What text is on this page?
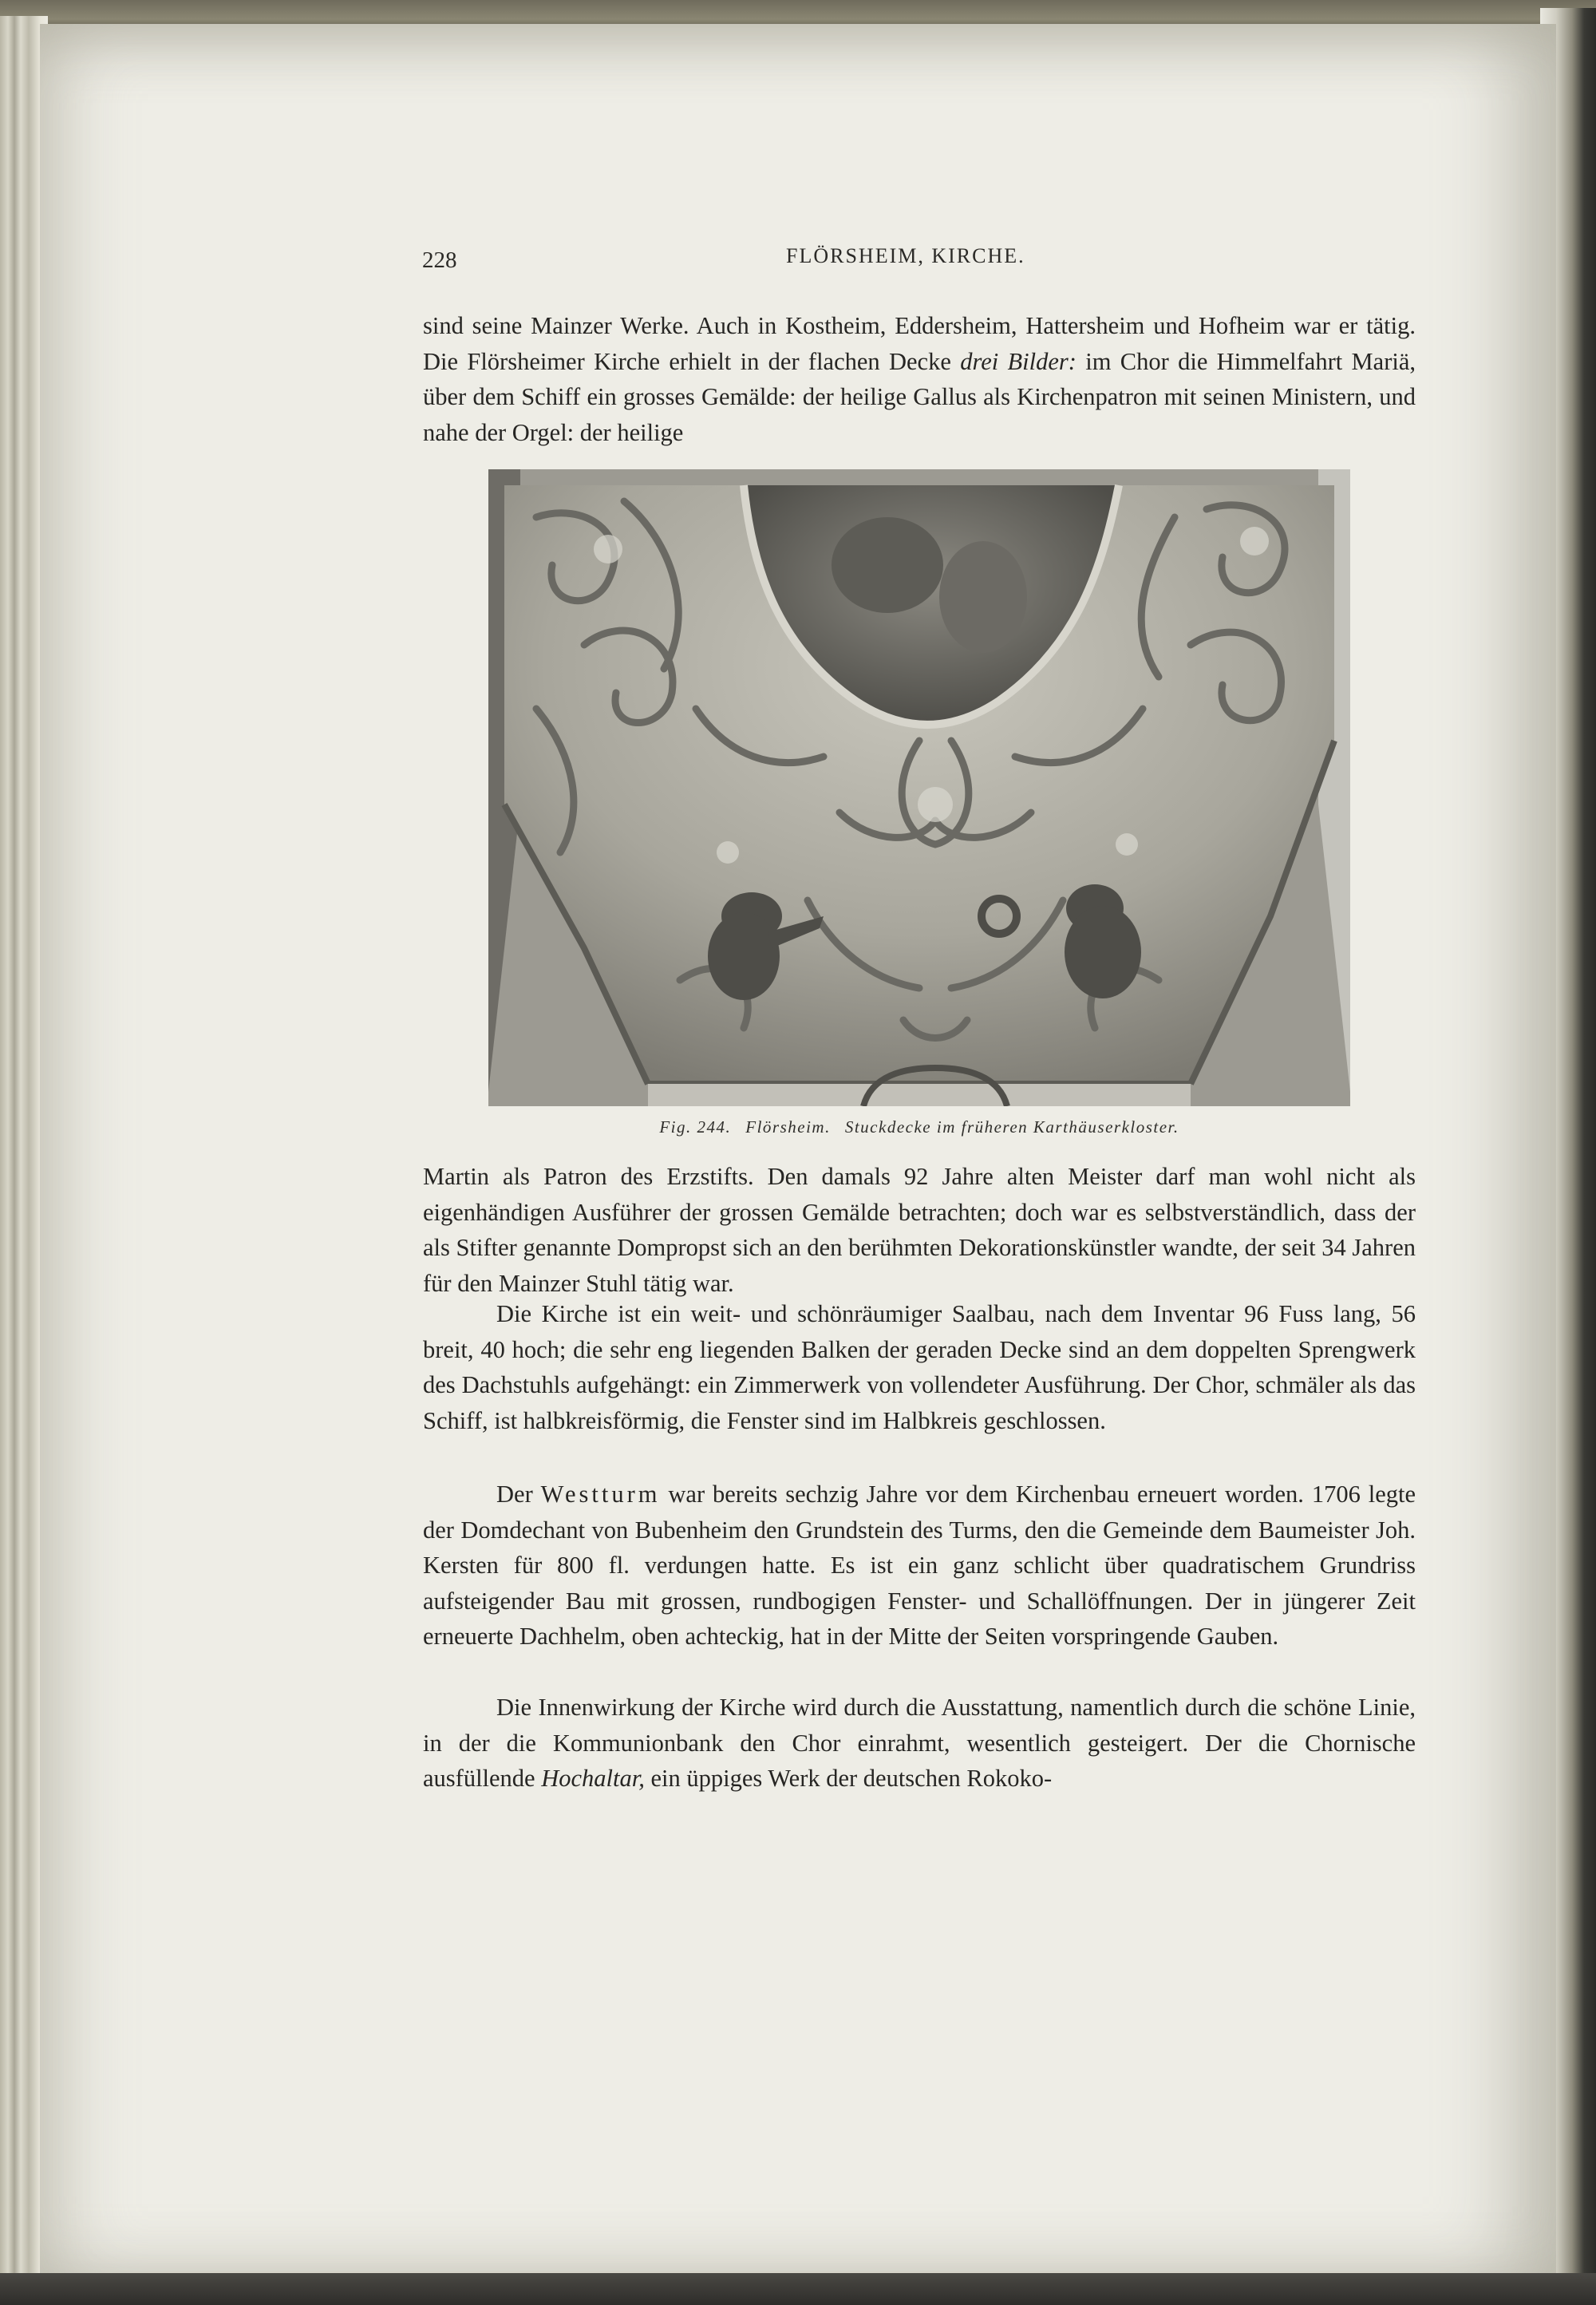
228	FLÖRSHEIM, KIRCHE.

sind seine Mainzer Werke. Auch in Kostheim, Eddersheim, Hattersheim und Hofheim war er tätig. Die Flörsheimer Kirche erhielt in der flachen Decke drei Bilder: im Chor die Himmelfahrt Mariä, über dem Schiff ein grosses Gemälde: der heilige Gallus als Kirchenpatron mit seinen Ministern, und nahe der Orgel: der heilige

Fig. 244. Flörsheim. Stuckdecke im früheren Karthäuserkloster.

Martin als Patron des Erzstifts. Den damals 92 Jahre alten Meister darf man wohl nicht als eigenhändigen Ausführer der grossen Gemälde betrachten; doch war es selbstverständlich, dass der als Stifter genannte Dompropst sich an den berühmten Dekorationskünstler wandte, der seit 34 Jahren für den Mainzer Stuhl tätig war.

Die Kirche ist ein weit- und schönräumiger Saalbau, nach dem Inventar 96 Fuss lang, 56 breit, 40 hoch; die sehr eng liegenden Balken der geraden Decke sind an dem doppelten Sprengwerk des Dachstuhls aufgehängt: ein Zimmerwerk von vollendeter Ausführung. Der Chor, schmäler als das Schiff, ist halbkreisförmig, die Fenster sind im Halbkreis geschlossen.

Der Westturm war bereits sechzig Jahre vor dem Kirchenbau erneuert worden. 1706 legte der Domdechant von Bubenheim den Grundstein des Turms, den die Gemeinde dem Baumeister Joh. Kersten für 800 fl. verdungen hatte. Es ist ein ganz schlicht über quadratischem Grundriss aufsteigender Bau mit grossen, rundbogigen Fenster- und Schallöffnungen. Der in jüngerer Zeit erneuerte Dachhelm, oben achteckig, hat in der Mitte der Seiten vorspringende Gauben.

Die Innenwirkung der Kirche wird durch die Ausstattung, namentlich durch die schöne Linie, in der die Kommunionbank den Chor einrahmt, wesentlich gesteigert. Der die Chornische ausfüllende Hochaltar, ein üppiges Werk der deutschen Rokoko-
